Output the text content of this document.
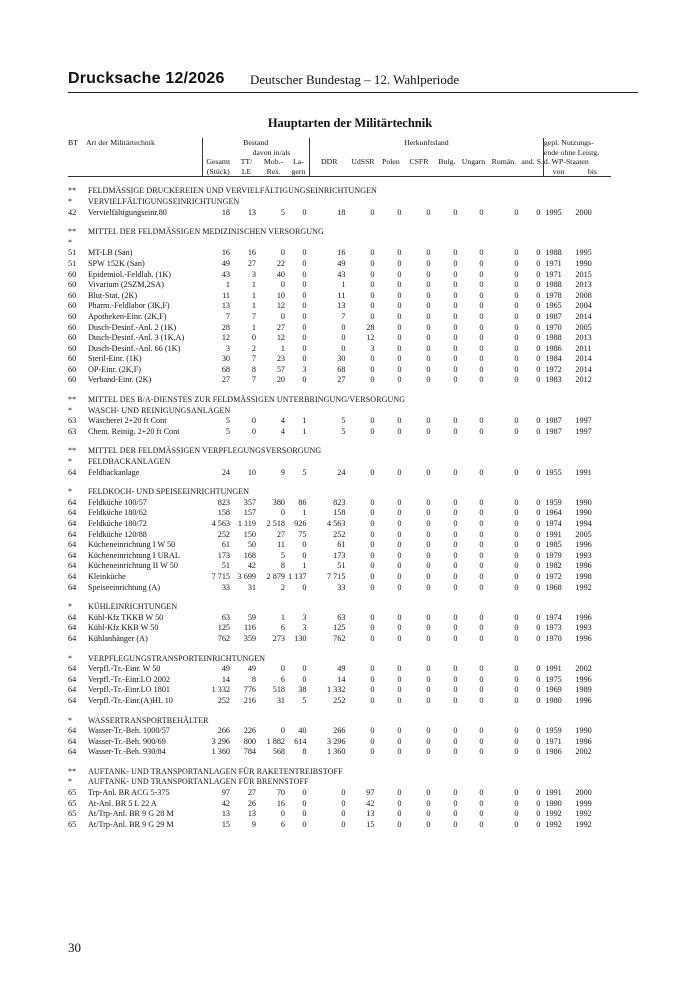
Drucksache 12/2026 Deutscher Bundestag – 12. Wahlperiode
Hauptarten der Militärtechnik
BT	Art der Militärtechnik	Bestand				Herkunftsland								gepl. Nutzungs-	
			davon in/als											ende ohne Leistg.	
		Gesamt	TT/	Mob.-	La-	DDR	UdSSR	Polen	CSFR	Bulg.	Ungarn	Rumän.	and. S.	d. WP-Staaten	
		(Stück)	LE	Res.	gern									von	bis

**	FELDMÄSSIGE DRUCKEREIEN UND VERVIELFÄLTIGUNGSEINRICHTUNGEN														
*	VERVIELFÄLTIGUNGSEINRICHTUNGEN														
42	Vervielfältigungseinr.80	18	13	5	0	18	0	0	0	0	0	0	0	1995	2000

**	MITTEL DER FELDMÄSSIGEN MEDIZINISCHEN VERSORGUNG														
*															
51	MT-LB (San)	16	16	0	0	16	0	0	0	0	0	0	0	1988	1995
51	SPW 152K (San)	49	27	22	0	49	0	0	0	0	0	0	0	1971	1990
60	Epidemiol.-Feldlab. (1K)	43	3	40	0	43	0	0	0	0	0	0	0	1971	2015
60	Vivarium (2SZM,2SA)	1	1	0	0	1	0	0	0	0	0	0	0	1988	2013
60	Blut-Stat. (2K)	11	1	10	0	11	0	0	0	0	0	0	0	1978	2008
60	Pharm.-Feldlabor (3K,F)	13	1	12	0	13	0	0	0	0	0	0	0	1965	2004
60	Apotheken-Einr. (2K,F)	7	7	0	0	7	0	0	0	0	0	0	0	1987	2014
60	Dusch-Desinf.-Anl. 2 (1K)	28	1	27	0	0	28	0	0	0	0	0	0	1970	2005
60	Dusch-Desinf.-Anl. 3 (1K,A)	12	0	12	0	0	12	0	0	0	0	0	0	1988	2013
60	Dusch-Desinf.-Anl. 66 (1K)	3	2	1	0	0	3	0	0	0	0	0	0	1986	2011
60	Steril-Einr. (1K)	30	7	23	0	30	0	0	0	0	0	0	0	1984	2014
60	OP-Einr. (2K,F)	68	8	57	3	68	0	0	0	0	0	0	0	1972	2014
60	Verband-Einr. (2K)	27	7	20	0	27	0	0	0	0	0	0	0	1983	2012

**	MITTEL DES B/A-DIENSTES ZUR FELDMÄSSIGEN UNTERBRINGUNG/VERSORGUNG														
*	WASCH- UND REINIGUNGSANLAGEN														
63	Wäscherei 2+20 ft Cont	5	0	4	1	5	0	0	0	0	0	0	0	1987	1997
63	Chem. Reinig. 2+20 ft Cont	5	0	4	1	5	0	0	0	0	0	0	0	1987	1997

**	MITTEL DER FELDMÄSSIGEN VERPFLEGUNGSVERSORGUNG														
*	FELDBACKANLAGEN														
64	Feldbackanlage	24	10	9	5	24	0	0	0	0	0	0	0	1955	1991

*	FELDKOCH- UND SPEISEEINRICHTUNGEN														
64	Feldküche 100/57	823	357	380	86	823	0	0	0	0	0	0	0	1959	1990
64	Feldküche 180/62	158	157	0	1	158	0	0	0	0	0	0	0	1964	1990
64	Feldküche 180/72	4 563	1 119	2 518	926	4 563	0	0	0	0	0	0	0	1974	1994
64	Feldküche 120/88	252	150	27	75	252	0	0	0	0	0	0	0	1991	2005
64	Kücheneinrichtung I W 50	61	50	11	0	61	0	0	0	0	0	0	0	1985	1996
64	Kücheneinrichtung I URAL	173	168	5	0	173	0	0	0	0	0	0	0	1979	1993
64	Kücheneinrichtung II W 50	51	42	8	1	51	0	0	0	0	0	0	0	1982	1996
64	Kleinküche	7 715	3 699	2 879	1 137	7 715	0	0	0	0	0	0	0	1972	1998
64	Speiseeinrichtung (A)	33	31	2	0	33	0	0	0	0	0	0	0	1968	1992

*	KÜHLEINRICHTUNGEN														
64	Kühl-Kfz TKKB W 50	63	59	1	3	63	0	0	0	0	0	0	0	1974	1996
64	Kühl-Kfz KKB W 50	125	116	6	3	125	0	0	0	0	0	0	0	1973	1993
64	Kühlanhänger (A)	762	359	273	130	762	0	0	0	0	0	0	0	1970	1996

*	VERPFLEGUNGSTRANSPORTEINRICHTUNGEN														
64	Verpfl.-Tr.-Einr. W 50	49	49	0	0	49	0	0	0	0	0	0	0	1991	2002
64	Verpfl.-Tr.-Einr.LO 2002	14	8	6	0	14	0	0	0	0	0	0	0	1975	1996
64	Verpfl.-Tr.-Einr.LO 1801	1 332	776	518	38	1 332	0	0	0	0	0	0	0	1969	1989
64	Verpfl.-Tr.-Einr.(A)HL 10	252	216	31	5	252	0	0	0	0	0	0	0	1980	1996

*	WASSERTRANSPORTBEHÄLTER														
64	Wasser-Tr.-Beh. 1000/57	266	226	0	40	266	0	0	0	0	0	0	0	1959	1990
64	Wasser-Tr.-Beh. 900/69	3 296	800	1 882	614	3 296	0	0	0	0	0	0	0	1971	1996
64	Wasser-Tr.-Beh. 930/84	1 360	784	568	8	1 360	0	0	0	0	0	0	0	1986	2002

**	AUFTANK- UND TRANSPORTANLAGEN FÜR RAKETENTREIBSTOFF														
*	AUFTANK- UND TRANSPORTANLAGEN FÜR BRENNSTOFF														
65	Trp-Anl. BR ACG 5-375	97	27	70	0	0	97	0	0	0	0	0	0	1991	2000
65	At-Anl. BR 5 L 22 A	42	26	16	0	0	42	0	0	0	0	0	0	1990	1999
65	At/Trp-Anl. BR 9 G 28 M	13	13	0	0	0	13	0	0	0	0	0	0	1992	1992
65	At/Trp-Anl. BR 9 G 29 M	15	9	6	0	0	15	0	0	0	0	0	0	1992	1992
30
